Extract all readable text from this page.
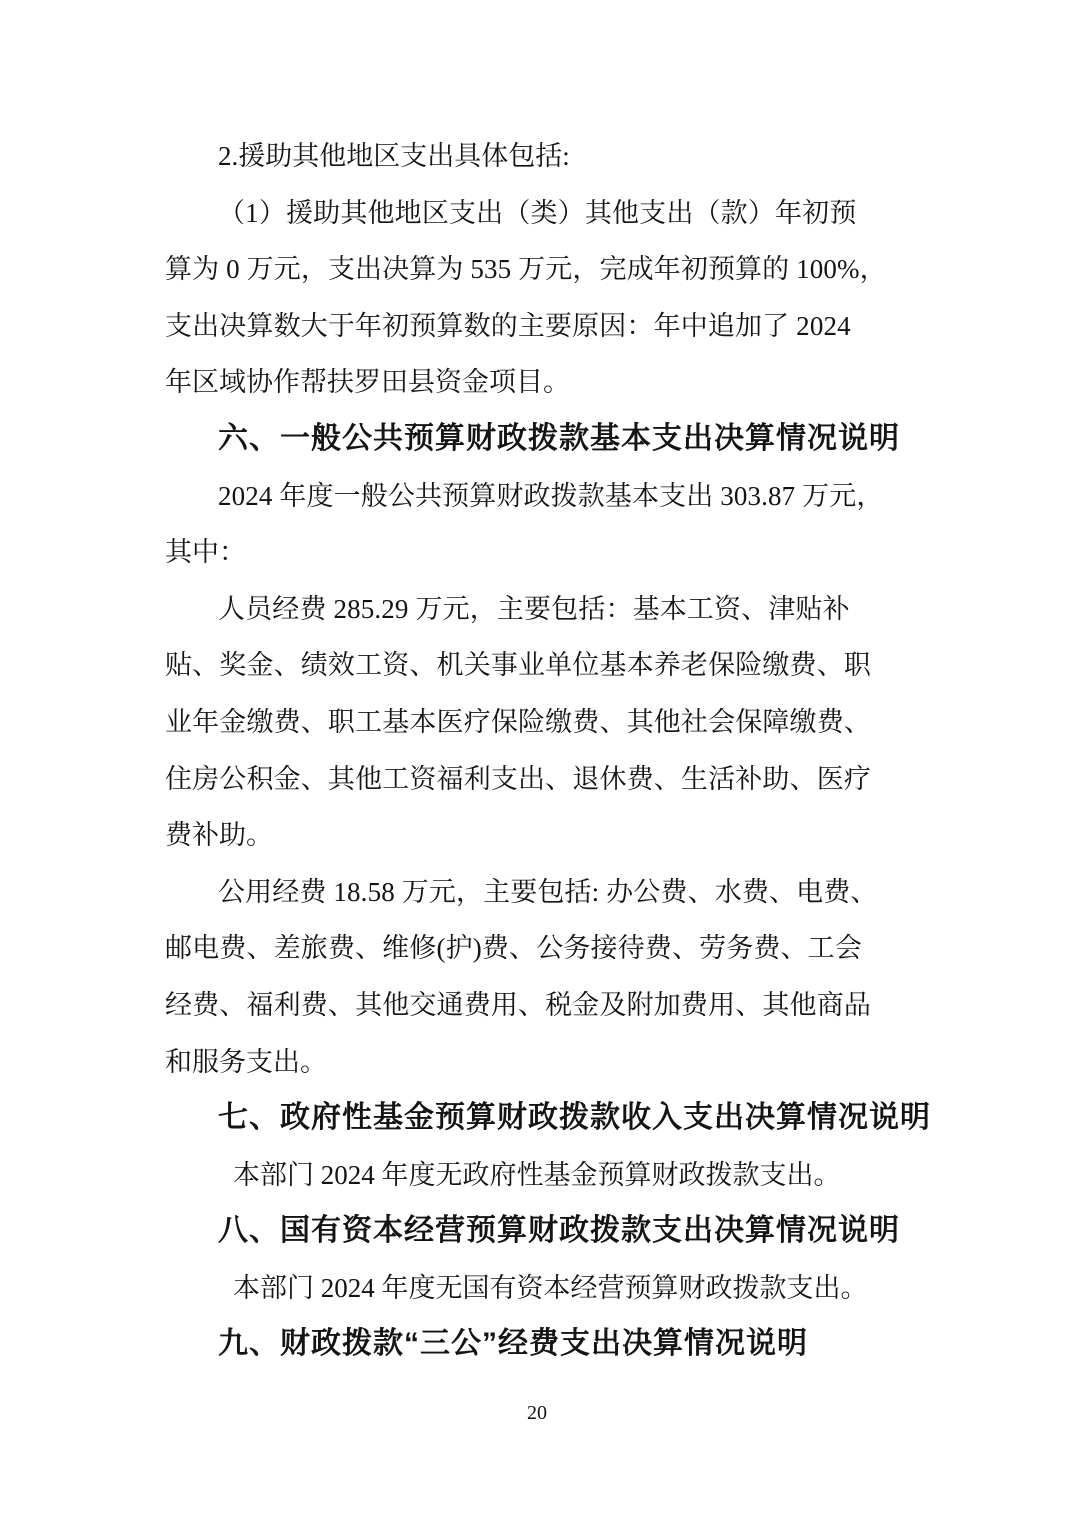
2.援助其他地区支出具体包括:
（1）援助其他地区支出（类）其他支出（款）年初预
算为 0 万元，支出决算为 535 万元，完成年初预算的 100%，
支出决算数大于年初预算数的主要原因：年中追加了 2024
年区域协作帮扶罗田县资金项目。
六、一般公共预算财政拨款基本支出决算情况说明
2024 年度一般公共预算财政拨款基本支出 303.87 万元，
其中：
人员经费 285.29 万元，主要包括：基本工资、津贴补
贴、奖金、绩效工资、机关事业单位基本养老保险缴费、职
业年金缴费、职工基本医疗保险缴费、其他社会保障缴费、
住房公积金、其他工资福利支出、退休费、生活补助、医疗
费补助。
公用经费 18.58 万元，主要包括: 办公费、水费、电费、
邮电费、差旅费、维修(护)费、公务接待费、劳务费、工会
经费、福利费、其他交通费用、税金及附加费用、其他商品
和服务支出。
七、政府性基金预算财政拨款收入支出决算情况说明
本部门 2024 年度无政府性基金预算财政拨款支出。
八、国有资本经营预算财政拨款支出决算情况说明
本部门 2024 年度无国有资本经营预算财政拨款支出。
九、财政拨款“三公”经费支出决算情况说明
20
